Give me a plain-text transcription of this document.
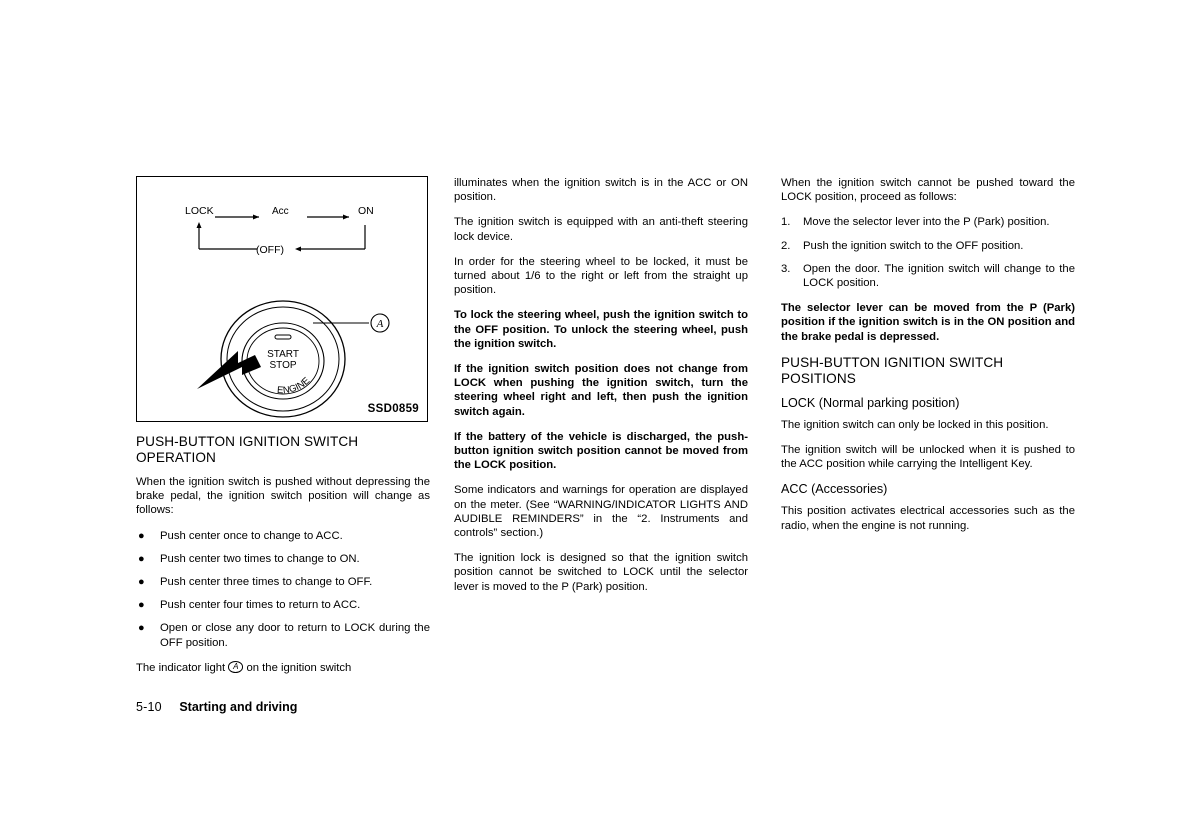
LOCK	Acc	ON
(OFF)
START
STOP
ENGINE
A
SSD0859
PUSH-BUTTON IGNITION SWITCH OPERATION

When the ignition switch is pushed without depressing the brake pedal, the ignition switch position will change as follows:

● Push center once to change to ACC.
● Push center two times to change to ON.
● Push center three times to change to OFF.
● Push center four times to return to ACC.
● Open or close any door to return to LOCK during the OFF position.

The indicator light A on the ignition switch

illuminates when the ignition switch is in the ACC or ON position.

The ignition switch is equipped with an anti-theft steering lock device.

In order for the steering wheel to be locked, it must be turned about 1/6 to the right or left from the straight up position.

To lock the steering wheel, push the ignition switch to the OFF position. To unlock the steering wheel, push the ignition switch.

If the ignition switch position does not change from LOCK when pushing the ignition switch, turn the steering wheel right and left, then push the ignition switch again.

If the battery of the vehicle is discharged, the push-button ignition switch position cannot be moved from the LOCK position.

Some indicators and warnings for operation are displayed on the meter. (See “WARNING/INDICATOR LIGHTS AND AUDIBLE REMINDERS” in the “2. Instruments and controls” section.)

The ignition lock is designed so that the ignition switch position cannot be switched to LOCK until the selector lever is moved to the P (Park) position.

When the ignition switch cannot be pushed toward the LOCK position, proceed as follows:

1. Move the selector lever into the P (Park) position.
2. Push the ignition switch to the OFF position.
3. Open the door. The ignition switch will change to the LOCK position.

The selector lever can be moved from the P (Park) position if the ignition switch is in the ON position and the brake pedal is depressed.

PUSH-BUTTON IGNITION SWITCH POSITIONS
LOCK (Normal parking position)

The ignition switch can only be locked in this position.

The ignition switch will be unlocked when it is pushed to the ACC position while carrying the Intelligent Key.

ACC (Accessories)

This position activates electrical accessories such as the radio, when the engine is not running.

5-10 Starting and driving
